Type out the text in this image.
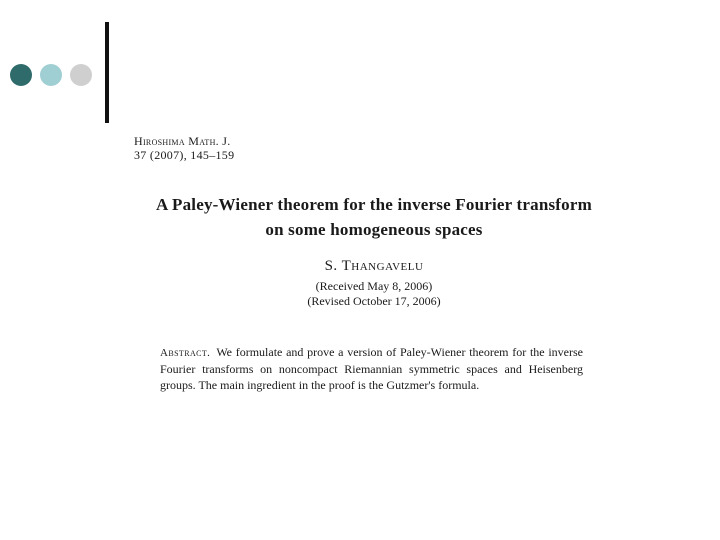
Hiroshima Math. J.
37 (2007), 145–159
A Paley-Wiener theorem for the inverse Fourier transform
on some homogeneous spaces
S. Thangavelu
(Received May 8, 2006)
(Revised October 17, 2006)
Abstract. We formulate and prove a version of Paley-Wiener theorem for the inverse Fourier transforms on noncompact Riemannian symmetric spaces and Heisenberg groups. The main ingredient in the proof is the Gutzmer's formula.
